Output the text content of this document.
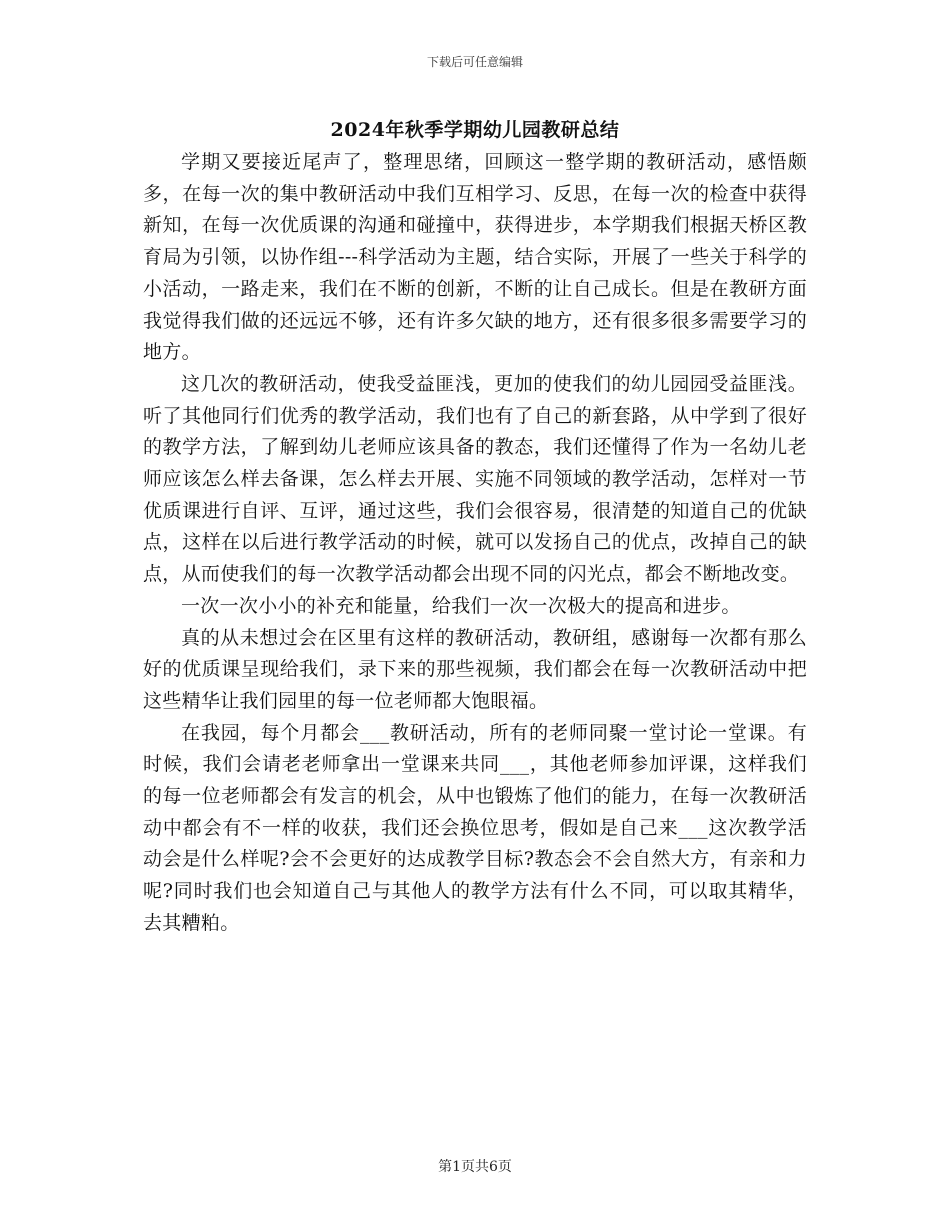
下载后可任意编辑
2024年秋季学期幼儿园教研总结

学期又要接近尾声了，整理思绪，回顾这一整学期的教研活动，感悟颇多，在每一次的集中教研活动中我们互相学习、反思，在每一次的检查中获得新知，在每一次优质课的沟通和碰撞中，获得进步，本学期我们根据天桥区教育局为引领，以协作组---科学活动为主题，结合实际，开展了一些关于科学的小活动，一路走来，我们在不断的创新，不断的让自己成长。但是在教研方面我觉得我们做的还远远不够，还有许多欠缺的地方，还有很多很多需要学习的地方。

这几次的教研活动，使我受益匪浅，更加的使我们的幼儿园园受益匪浅。听了其他同行们优秀的教学活动，我们也有了自己的新套路，从中学到了很好的教学方法，了解到幼儿老师应该具备的教态，我们还懂得了作为一名幼儿老师应该怎么样去备课，怎么样去开展、实施不同领域的教学活动，怎样对一节优质课进行自评、互评，通过这些，我们会很容易，很清楚的知道自己的优缺点，这样在以后进行教学活动的时候，就可以发扬自己的优点，改掉自己的缺点，从而使我们的每一次教学活动都会出现不同的闪光点，都会不断地改变。

一次一次小小的补充和能量，给我们一次一次极大的提高和进步。

真的从未想过会在区里有这样的教研活动，教研组，感谢每一次都有那么好的优质课呈现给我们，录下来的那些视频，我们都会在每一次教研活动中把这些精华让我们园里的每一位老师都大饱眼福。

在我园，每个月都会___教研活动，所有的老师同聚一堂讨论一堂课。有时候，我们会请老老师拿出一堂课来共同___，其他老师参加评课，这样我们的每一位老师都会有发言的机会，从中也锻炼了他们的能力，在每一次教研活动中都会有不一样的收获，我们还会换位思考，假如是自己来___这次教学活动会是什么样呢?会不会更好的达成教学目标?教态会不会自然大方，有亲和力呢?同时我们也会知道自己与其他人的教学方法有什么不同，可以取其精华，去其糟粕。

第1页共6页
